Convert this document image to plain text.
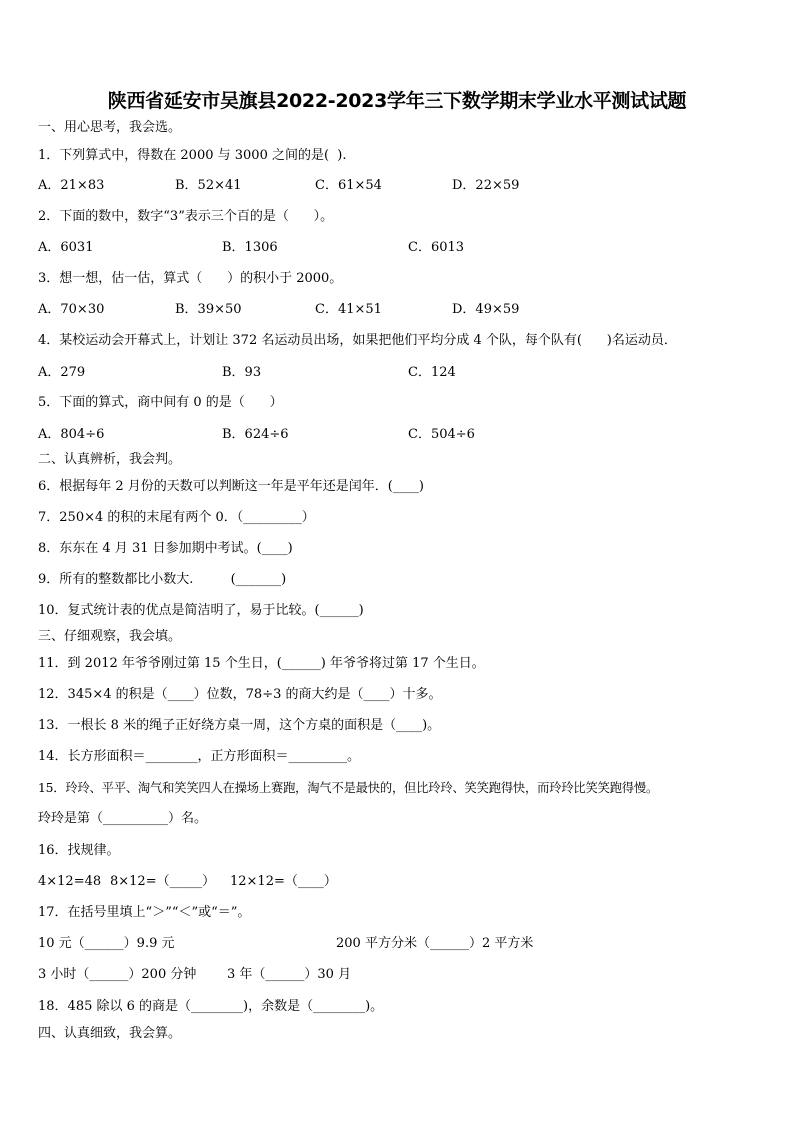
陕西省延安市吴旗县2022-2023学年三下数学期末学业水平测试试题
一、用心思考，我会选。
1．下列算式中，得数在 2000 与 3000 之间的是(  ).
A．21×83	B．52×41	C．61×54	D．22×59
2．下面的数中，数字“3”表示三个百的是（      ）。
A．6031	B．1306	C．6013
3．想一想，估一估，算式（      ）的积小于 2000。
A．70×30	B．39×50	C．41×51	D．49×59
4．某校运动会开幕式上，计划让 372 名运动员出场，如果把他们平均分成 4 个队，每个队有(      )名运动员．
A．279	B．93	C．124
5．下面的算式，商中间有 0 的是（      ）
A．804÷6	B．624÷6	C．504÷6
二、认真辨析，我会判。
6．根据每年 2 月份的天数可以判断这一年是平年还是闰年．(____)
7．250×4 的积的末尾有两个 0．（_________）
8．东东在 4 月 31 日参加期中考试。(____)
9．所有的整数都比小数大.         (_______)
10．复式统计表的优点是简洁明了，易于比较。(______)
三、仔细观察，我会填。
11．到 2012 年爷爷刚过第 15 个生日，(______) 年爷爷将过第 17 个生日。
12．345×4 的积是（____）位数，78÷3 的商大约是（____）十多。
13．一根长 8 米的绳子正好绕方桌一周，这个方桌的面积是（____)。
14．长方形面积＝________，正方形面积＝_________。
15．玲玲、平平、淘气和笑笑四人在操场上赛跑，淘气不是最快的，但比玲玲、笑笑跑得快，而玲玲比笑笑跑得慢。
玲玲是第（__________）名。
16．找规律。
4×12=48 8×12=（_____） 12×12=（____）
17．在括号里填上“＞”“＜”或“＝”。
10 元（______）9.9 元	200 平方分米（______）2 平方米
3 小时（______）200 分钟 3 年（______）30 月
18．485 除以 6 的商是（________)，余数是（________)。
四、认真细致，我会算。
